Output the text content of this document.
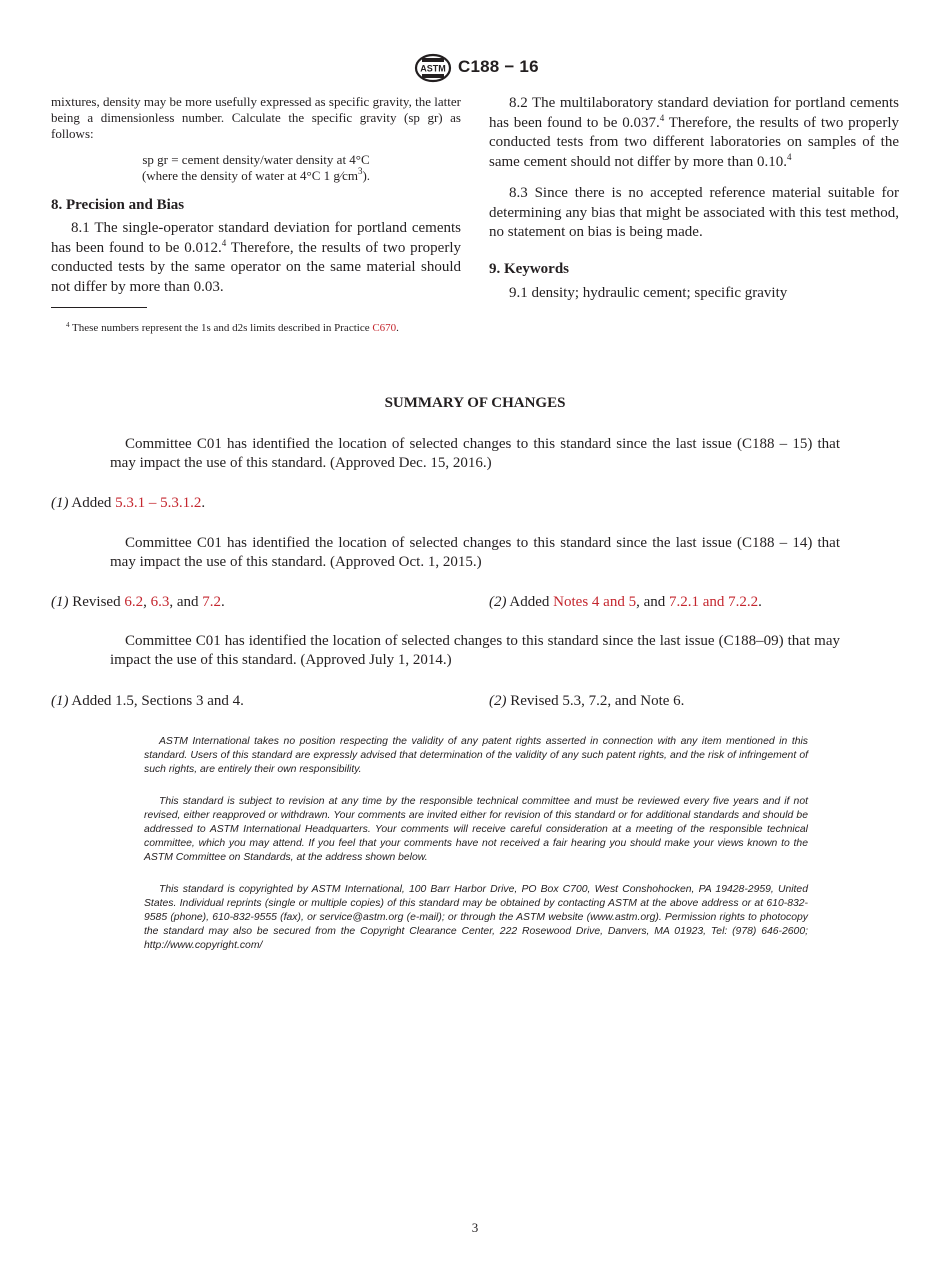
ASTM C188 − 16

mixtures, density may be more usefully expressed as specific gravity, the latter being a dimensionless number. Calculate the specific gravity (sp gr) as follows:

sp gr = cement density/water density at 4°C

(where the density of water at 4°C 1 $g⁄cm^3$).

8. Precision and Bias

8.1 The single-operator standard deviation for portland cements has been found to be 0.012.$^4$ Therefore, the results of two properly conducted tests by the same operator on the same material should not differ by more than 0.03.

$^4$ These numbers represent the 1s and d2s limits described in Practice C670.

8.2 The multilaboratory standard deviation for portland cements has been found to be 0.037.$^4$ Therefore, the results of two properly conducted tests from two different laboratories on samples of the same cement should not differ by more than 0.10.$^4$

8.3 Since there is no accepted reference material suitable for determining any bias that might be associated with this test method, no statement on bias is being made.

9. Keywords

9.1 density; hydraulic cement; specific gravity

SUMMARY OF CHANGES
Committee C01 has identified the location of selected changes to this standard since the last issue (C188 – 15) that may impact the use of this standard. (Approved Dec. 15, 2016.)
(1) Added 5.3.1 – 5.3.1.2.
Committee C01 has identified the location of selected changes to this standard since the last issue (C188 – 14) that may impact the use of this standard. (Approved Oct. 1, 2015.)
(1) Revised 6.2, 6.3, and 7.2.	(2) Added Notes 4 and 5, and 7.2.1 and 7.2.2.
Committee C01 has identified the location of selected changes to this standard since the last issue (C188–09) that may impact the use of this standard. (Approved July 1, 2014.)
(1) Added 1.5, Sections 3 and 4.	(2) Revised 5.3, 7.2, and Note 6.
ASTM International takes no position respecting the validity of any patent rights asserted in connection with any item mentioned in this standard. Users of this standard are expressly advised that determination of the validity of any such patent rights, and the risk of infringement of such rights, are entirely their own responsibility.
This standard is subject to revision at any time by the responsible technical committee and must be reviewed every five years and if not revised, either reapproved or withdrawn. Your comments are invited either for revision of this standard or for additional standards and should be addressed to ASTM International Headquarters. Your comments will receive careful consideration at a meeting of the responsible technical committee, which you may attend. If you feel that your comments have not received a fair hearing you should make your views known to the ASTM Committee on Standards, at the address shown below.
This standard is copyrighted by ASTM International, 100 Barr Harbor Drive, PO Box C700, West Conshohocken, PA 19428-2959, United States. Individual reprints (single or multiple copies) of this standard may be obtained by contacting ASTM at the above address or at 610-832-9585 (phone), 610-832-9555 (fax), or service@astm.org (e-mail); or through the ASTM website (www.astm.org). Permission rights to photocopy the standard may also be secured from the Copyright Clearance Center, 222 Rosewood Drive, Danvers, MA 01923, Tel: (978) 646-2600; http://www.copyright.com/
3
